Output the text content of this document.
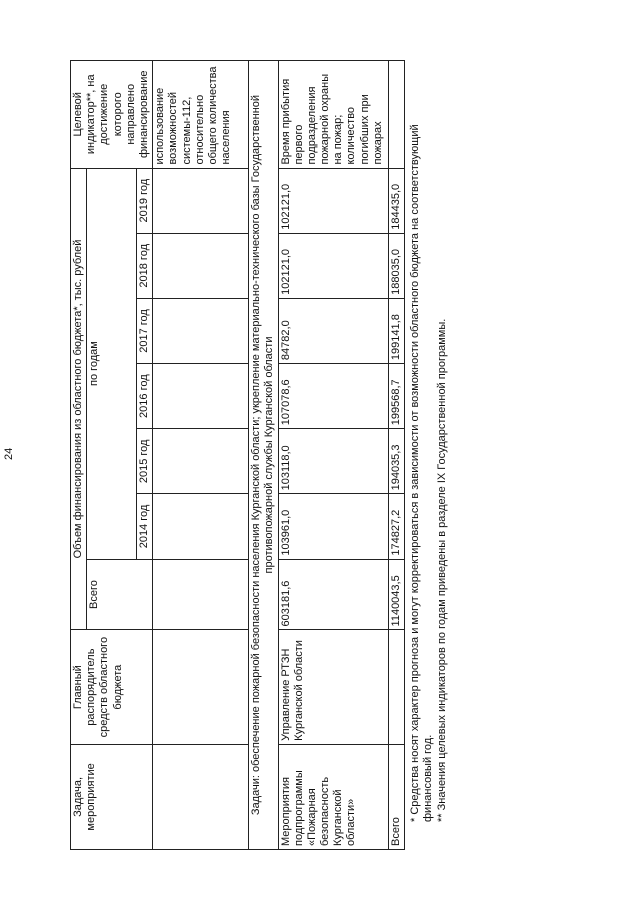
24
Задача, мероприятие	Главный распорядитель средств областного бюджета	Объем финансирования из областного бюджета*, тыс. рублей							Целевой индикатор**, на достижение которого направлено финансирование
		Всего	по годам						
			2014 год	2015 год	2016 год	2017 год	2018 год	2019 год	
									использование возможностей системы-112, относительно общего количества населения
Задачи: обеспечение пожарной безопасности населения Курганской области; укрепление материально-технического базы Государственной противопожарной службы Курганской области									
Мероприятия подпрограммы «Пожарная безопасность Курганской области»	Управление РТЗН Курганской области	603181,6	103961,0	103118,0	107078,6	84782,0	102121,0	102121,0	Время прибытия первого подразделения пожарной охраны на пожар; количество погибших при пожарах
Всего		1140043,5	174827,2	194035,3	199568,7	199141,8	188035,0	184435,0	* Средства носят характер прогноза и могут корректироваться в зависимости от возможности областного бюджета на соответствующий финансовый год. ** Значения целевых индикаторов по годам приведены в разделе IX Государственной программы.
